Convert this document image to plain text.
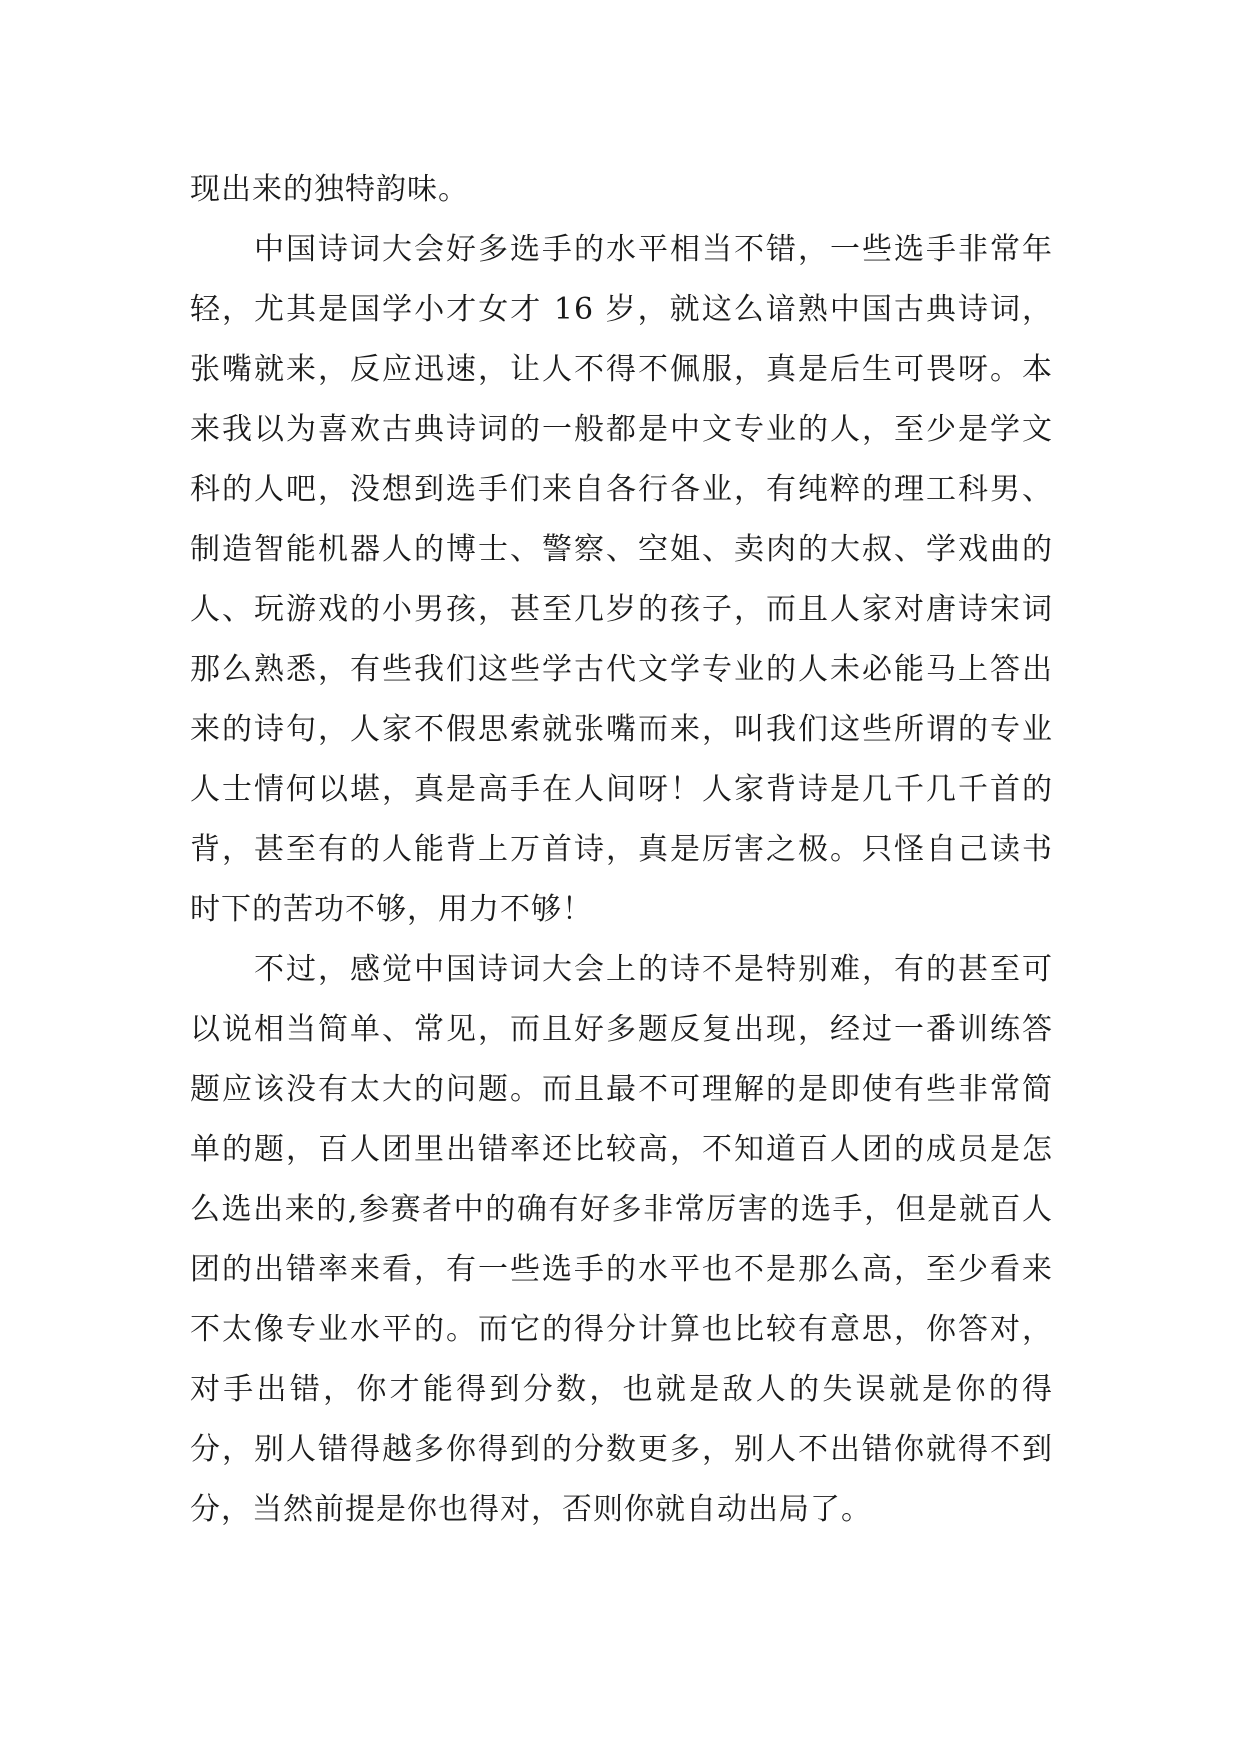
现出来的独特韵味。

中国诗词大会好多选手的水平相当不错，一些选手非常年轻，尤其是国学小才女才 16 岁，就这么谙熟中国古典诗词，张嘴就来，反应迅速，让人不得不佩服，真是后生可畏呀。本来我以为喜欢古典诗词的一般都是中文专业的人，至少是学文科的人吧，没想到选手们来自各行各业，有纯粹的理工科男、制造智能机器人的博士、警察、空姐、卖肉的大叔、学戏曲的人、玩游戏的小男孩，甚至几岁的孩子，而且人家对唐诗宋词那么熟悉，有些我们这些学古代文学专业的人未必能马上答出来的诗句，人家不假思索就张嘴而来，叫我们这些所谓的专业人士情何以堪，真是高手在人间呀！人家背诗是几千几千首的背，甚至有的人能背上万首诗，真是厉害之极。只怪自己读书时下的苦功不够，用力不够！

不过，感觉中国诗词大会上的诗不是特别难，有的甚至可以说相当简单、常见，而且好多题反复出现，经过一番训练答题应该没有太大的问题。而且最不可理解的是即使有些非常简单的题，百人团里出错率还比较高，不知道百人团的成员是怎么选出来的,参赛者中的确有好多非常厉害的选手，但是就百人团的出错率来看，有一些选手的水平也不是那么高，至少看来不太像专业水平的。而它的得分计算也比较有意思，你答对，对手出错，你才能得到分数，也就是敌人的失误就是你的得分，别人错得越多你得到的分数更多，别人不出错你就得不到分，当然前提是你也得对，否则你就自动出局了。
